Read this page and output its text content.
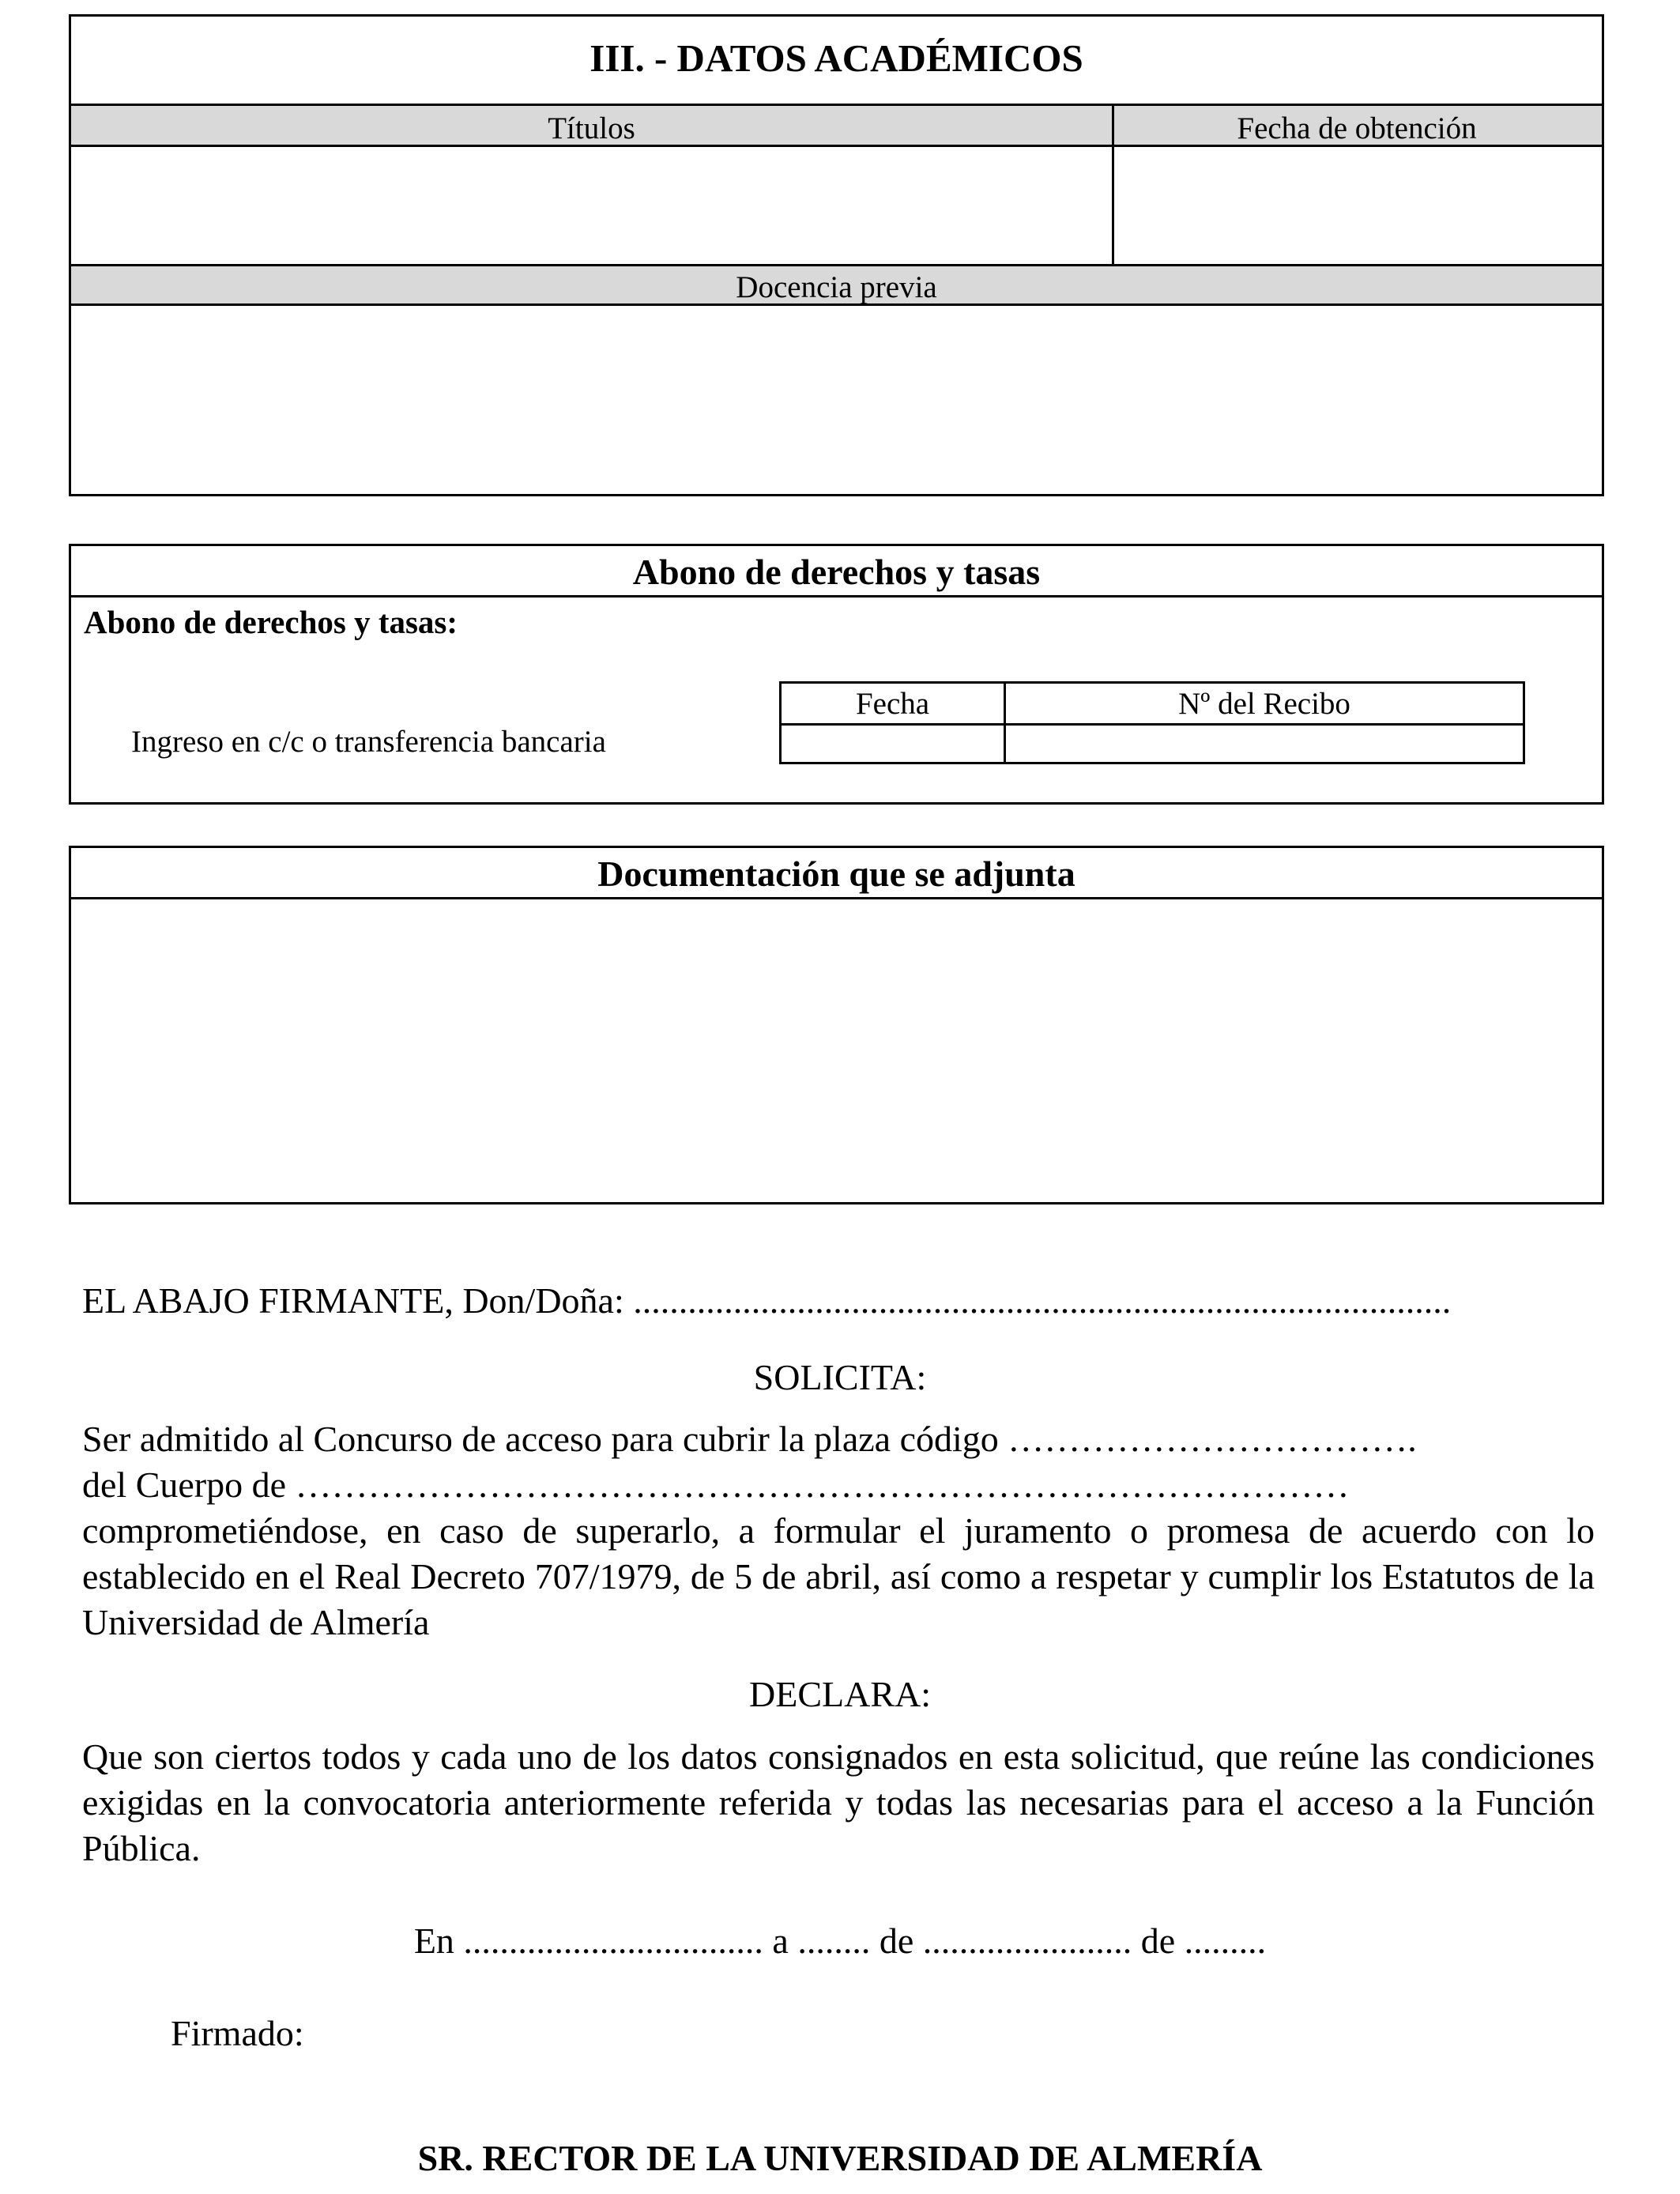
III. - DATOS ACADÉMICOS
Títulos	Fecha de obtención
Docencia previa
Abono de derechos y tasas
Abono de derechos y tasas:
Ingreso en c/c o transferencia bancaria
Fecha	Nº del Recibo
Documentación que se adjunta
EL ABAJO FIRMANTE, Don/Doña: ..........................................................................................
SOLICITA:
Ser admitido al Concurso de acceso para cubrir la plaza código …………………………….
del Cuerpo de ……………………………………………………………………………
comprometiéndose, en caso de superarlo, a formular el juramento o promesa de acuerdo con lo establecido en el Real Decreto 707/1979, de 5 de abril, así como a respetar y cumplir los Estatutos de la Universidad de Almería
DECLARA:
Que son ciertos todos y cada uno de los datos consignados en esta solicitud, que reúne las condiciones exigidas en la convocatoria anteriormente referida y todas las necesarias para el acceso a la Función Pública.
En ................................. a ........ de ....................... de .........
Firmado:
SR. RECTOR DE LA UNIVERSIDAD DE ALMERÍA
